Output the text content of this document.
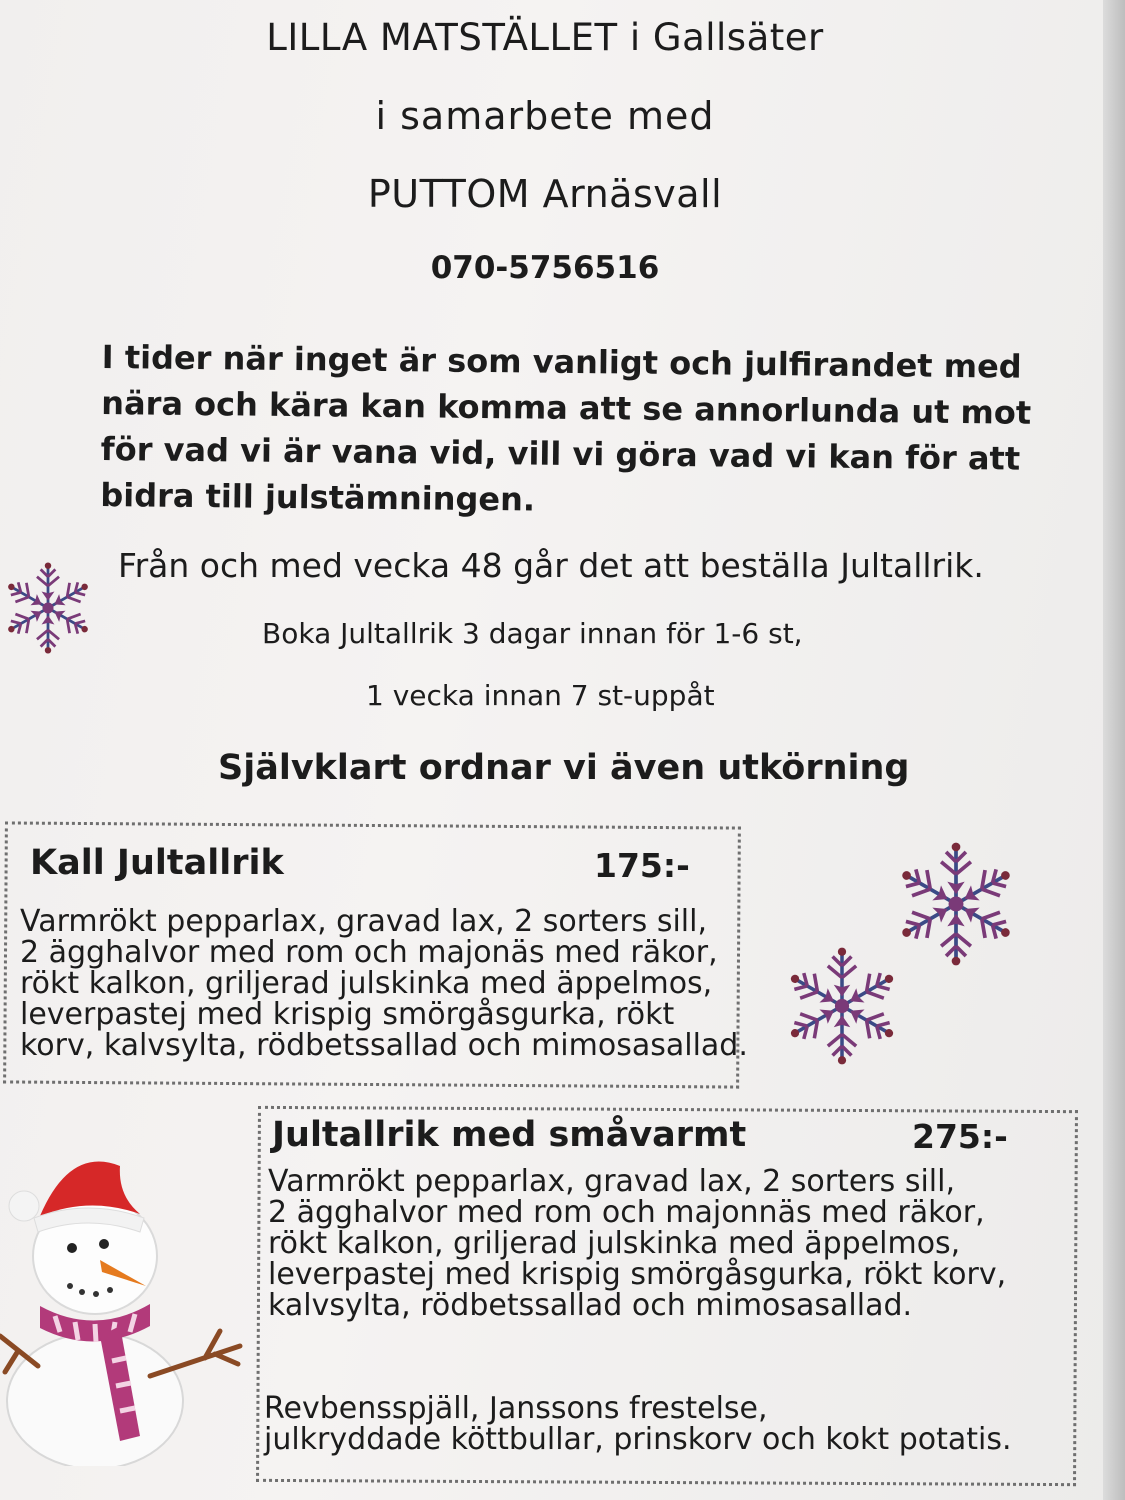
LILLA MATSTÄLLET i Gallsäter
i samarbete med
PUTTOM Arnäsvall
070-5756516
I tider när inget är som vanligt och julfirandet med
nära och kära kan komma att se annorlunda ut mot
för vad vi är vana vid, vill vi göra vad vi kan för att
bidra till julstämningen.
Från och med vecka 48 går det att beställa Jultallrik.
Boka Jultallrik 3 dagar innan för 1-6 st,
1 vecka innan 7 st-uppåt
Självklart ordnar vi även utkörning
Kall Jultallrik	175:-
Varmrökt pepparlax, gravad lax, 2 sorters sill,
2 ägghalvor med rom och majonäs med räkor,
rökt kalkon, griljerad julskinka med äppelmos,
leverpastej med krispig smörgåsgurka, rökt
korv, kalvsylta, rödbetssallad och mimosasallad.
Jultallrik med småvarmt	275:-
Varmrökt pepparlax, gravad lax, 2 sorters sill,
2 ägghalvor med rom och majonnäs med räkor,
rökt kalkon, griljerad julskinka med äppelmos,
leverpastej med krispig smörgåsgurka, rökt korv,
kalvsylta, rödbetssallad och mimosasallad.
Revbensspjäll, Janssons frestelse,
julkryddade köttbullar, prinskorv och kokt potatis.
